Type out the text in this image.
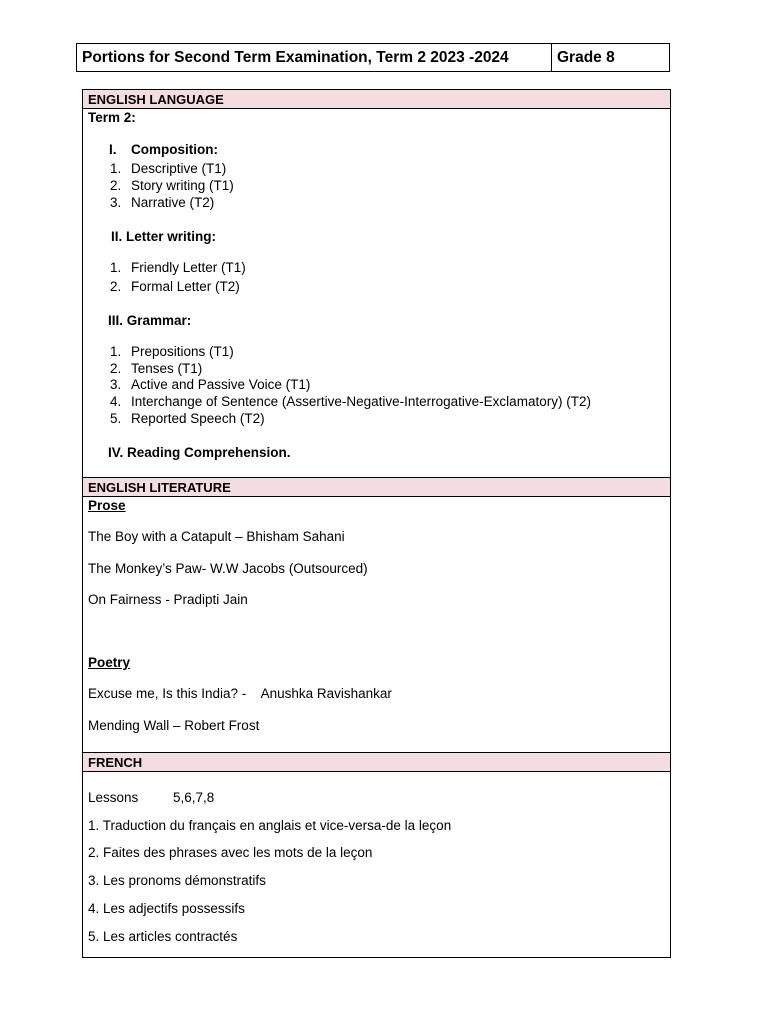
Portions for Second Term Examination, Term 2 2023 -2024	Grade 8
ENGLISH LANGUAGE
Term 2:
I. Composition:
1. Descriptive (T1)
2. Story writing (T1)
3. Narrative (T2)
II. Letter writing:
1. Friendly Letter (T1)
2. Formal Letter (T2)
III. Grammar:
1. Prepositions (T1)
2. Tenses (T1)
3. Active and Passive Voice (T1)
4. Interchange of Sentence (Assertive-Negative-Interrogative-Exclamatory) (T2)
5. Reported Speech (T2)
IV. Reading Comprehension.
ENGLISH LITERATURE
Prose
The Boy with a Catapult – Bhisham Sahani
The Monkey’s Paw- W.W Jacobs (Outsourced)
On Fairness - Pradipti Jain
Poetry
Excuse me, Is this India? -    Anushka Ravishankar
Mending Wall – Robert Frost
FRENCH
Lessons	5,6,7,8
1. Traduction du français en anglais et vice-versa-de la leçon
2. Faites des phrases avec les mots de la leçon
3. Les pronoms démonstratifs
4. Les adjectifs possessifs
5. Les articles contractés
